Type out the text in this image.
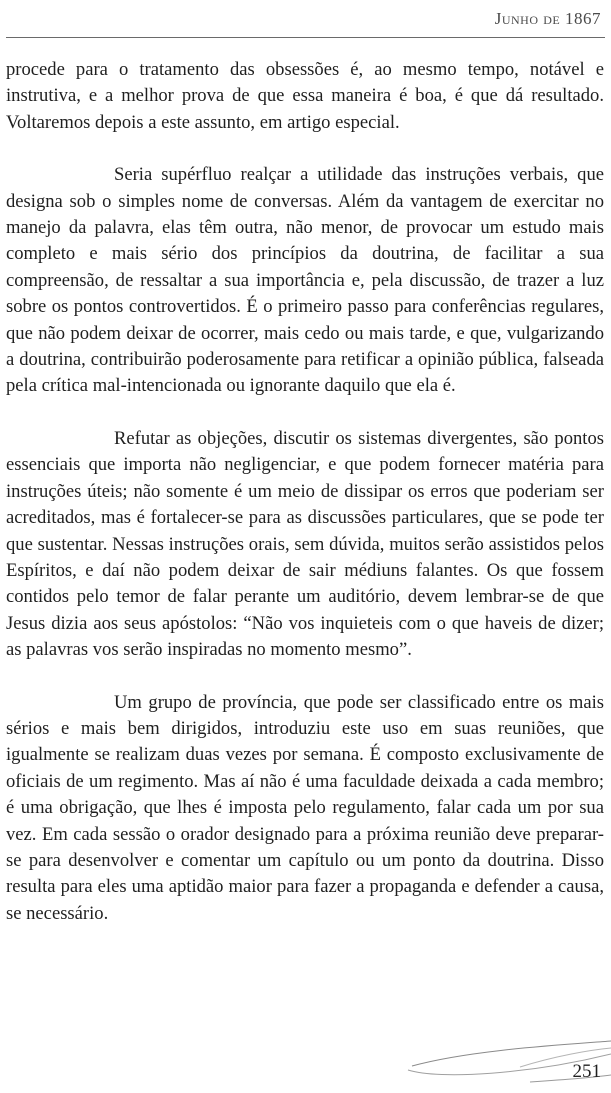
Junho de 1867

procede para o tratamento das obsessões é, ao mesmo tempo, notável e instrutiva, e a melhor prova de que essa maneira é boa, é que dá resultado. Voltaremos depois a este assunto, em artigo especial.

Seria supérfluo realçar a utilidade das instruções verbais, que designa sob o simples nome de conversas. Além da vantagem de exercitar no manejo da palavra, elas têm outra, não menor, de provocar um estudo mais completo e mais sério dos princípios da doutrina, de facilitar a sua compreensão, de ressaltar a sua importância e, pela discussão, de trazer a luz sobre os pontos controvertidos. É o primeiro passo para conferências regulares, que não podem deixar de ocorrer, mais cedo ou mais tarde, e que, vulgarizando a doutrina, contribuirão poderosamente para retificar a opinião pública, falseada pela crítica mal-intencionada ou ignorante daquilo que ela é.

Refutar as objeções, discutir os sistemas divergentes, são pontos essenciais que importa não negligenciar, e que podem fornecer matéria para instruções úteis; não somente é um meio de dissipar os erros que poderiam ser acreditados, mas é fortalecer-se para as discussões particulares, que se pode ter que sustentar. Nessas instruções orais, sem dúvida, muitos serão assistidos pelos Espíritos, e daí não podem deixar de sair médiuns falantes. Os que fossem contidos pelo temor de falar perante um auditório, devem lembrar-se de que Jesus dizia aos seus apóstolos: “Não vos inquieteis com o que haveis de dizer; as palavras vos serão inspiradas no momento mesmo”.

Um grupo de província, que pode ser classificado entre os mais sérios e mais bem dirigidos, introduziu este uso em suas reuniões, que igualmente se realizam duas vezes por semana. É composto exclusivamente de oficiais de um regimento. Mas aí não é uma faculdade deixada a cada membro; é uma obrigação, que lhes é imposta pelo regulamento, falar cada um por sua vez. Em cada sessão o orador designado para a próxima reunião deve preparar-se para desenvolver e comentar um capítulo ou um ponto da doutrina. Disso resulta para eles uma aptidão maior para fazer a propaganda e defender a causa, se necessário.

251
